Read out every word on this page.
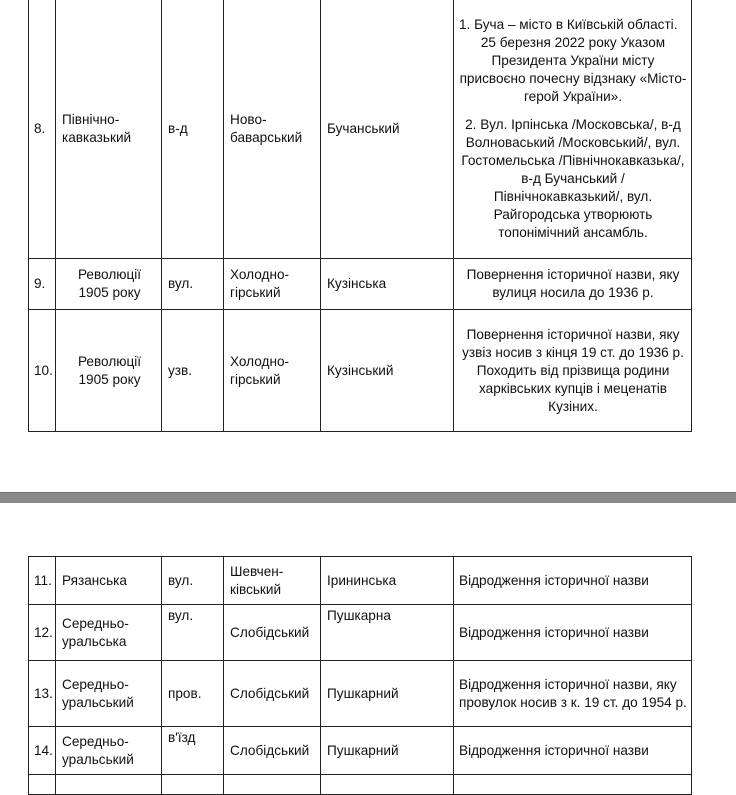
8.	Північно-кавказький	в-д	Ново-баварський	Бучанський	1. Буча – місто в Київській області.

25 березня 2022 року Указом Президента України місту присвоєно почесну відзнаку «Місто-герой України».

2. Вул. Ірпінська /Московська/, в-д Волноваський /Московський/, вул. Гостомельська /Північнокавказька/, в-д Бучанський /Північнокавказький/, вул. Райгородська утворюють топонімічний ансамбль.

9.	Революції 1905 року	вул.	Холодно-гірський	Кузінська	Повернення історичної назви, яку вулиця носила до 1936 р.

10.	Революції 1905 року	узв.	Холодно-гірський	Кузінський	Повернення історичної назви, яку узвіз носив з кінця 19 ст. до 1936 р.

Походить від прізвища родини харківських купців і меценатів Кузіних.

11.	Рязанська	вул.	Шевчен-ківський	Ірининська	Відродження історичної назви
12.	Середньо-уральська	вул.	Слобідський	Пушкарна	Відродження історичної назви
13.	Середньо-уральський	пров.	Слобідський	Пушкарний	Відродження історичної назви, яку провулок носив з к. 19 ст. до 1954 р.
14.	Середньо-уральський	в'їзд	Слобідський	Пушкарний	Відродження історичної назви
